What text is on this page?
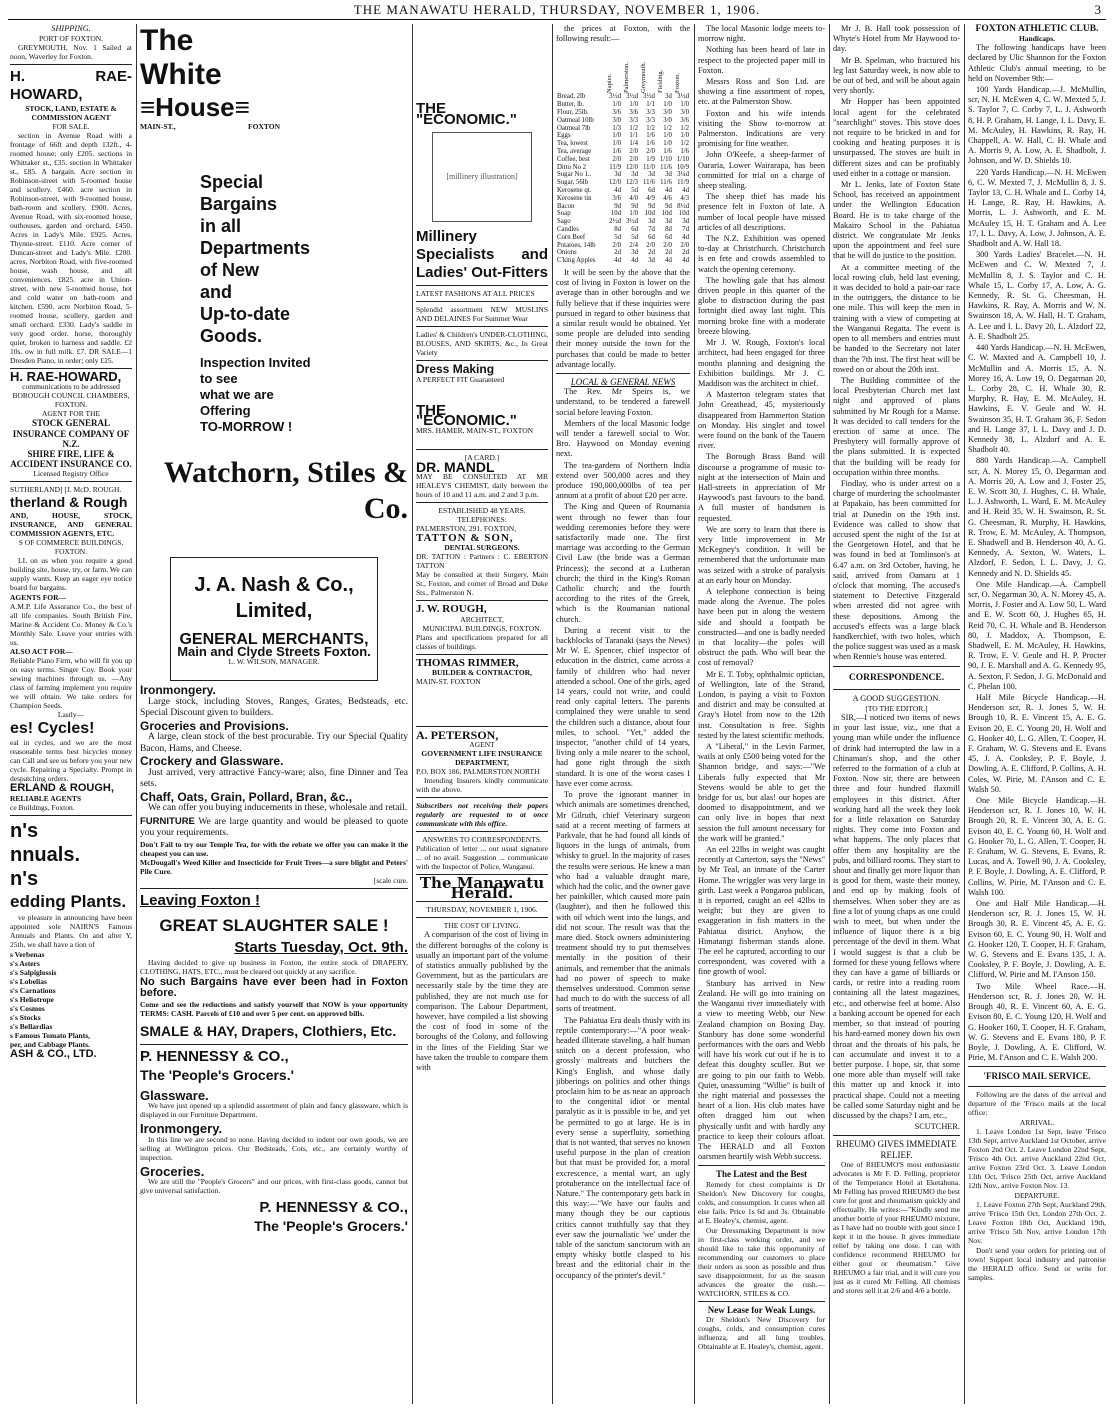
THE MANAWATU HERALD, THURSDAY, NOVEMBER 1, 1906.	3
SHIPPING.
PORT OF FOXTON.
GREYMOUTH, Nov. 1 Sailed at noon, Waverley for Foxton.
H. RAE-HOWARD,
STOCK, LAND, ESTATE & COMMISSION AGENT
FOR SALE.
section in Avenue Road with a frontage of 66ft and depth 132ft., 4-roomed house; only £205. sections in Whittaker st., £35. section in Whittaker st., £85. A bargain. Acre section in Robinson-street with 5-roomed house and scullery. £460. acre section in Robinson-street, with 9-roomed house, bath-room and scullery. £900. Acres, Avenue Road, with six-roomed house, outhouses, garden and orchard, £450. Acres in Lady's Mile. £925. Acres, Thynne-street. £110. Acre corner of Duncan-street and Lady's Mile. £200. acres, Norbiton Road, with five-roomed house, wash house, and all conveniences. £825. acre in Union-street, with new 5-roomed house, hot and cold water on bath-room and kitchen. £590. acre Norbiton Road, 5-roomed house, scullery, garden and small orchard. £330. Lady's saddle in very good order. horse, thoroughly quiet, broken to harness and saddle. £2 10s. ow in full milk. £7. DR SALE—1 Dresden Piano, in order; only £25.
H. RAE-HOWARD,
communications to be addressed BOROUGH COUNCIL CHAMBERS, FOXTON.
AGENT FOR THE
STOCK GENERAL INSURANCE COMPANY OF N.Z.
SHIRE FIRE, LIFE & ACCIDENT INSURANCE CO.
Licensed Registry Office
SUTHERLAND] [J. McD. ROUGH.
therland & Rough
AND, HOUSE, STOCK, INSURANCE, AND GENERAL COMMISSION AGENTS, ETC.
S OF COMMERCE BUILDINGS, FOXTON.
LL on us when you require a good building site, house, try, or farm. We can supply wants. Keep an eager eye notice board for bargains.
AGENTS FOR—
A.M.P. Life Assurance Co., the best of all life companies. South British Fire, Marine & Accident Co. Money & Co.'s Monthly Sale. Leave your entries with us.
ALSO ACT FOR—
Reliable Piano Firm, who will fit you up on easy terms. Singer Coy. Book your sewing machines through us. —Any class of farming implement you require we will obtain. We take orders for Champion Seeds.
Lastly—
es! Cycles!
eal in cycles, and we are the most reasonable terms best bicycles money can Call and see us before you your new cycle. Repairing a Specialty. Prompt in despatching orders.
ERLAND & ROUGH,
RELIABLE AGENTS
ce Buildings, Foxton.
n's
nnuals.
n's
edding Plants.
ve pleasure in announcing have been appointed sole NAIRN'S Famous Annuals and Plants. On and after Y, 25th, we shall have a tion of
s Verbenas
s's Asters
s's Salpiglossis
s's Lobelias
s's Carnations
s's Heliotrope
s's Cosmos
s's Stocks
s's Bellardias
s Famous Tomato Plants,
per, and Cabbage Plants.
ASH & CO., LTD.
The White
≡House≡
MAIN-ST.,	FOXTON
Special
Bargains
in all
Departments
of New
and
Up-to-date
Goods.
Inspection Invited
to see
what we are
Offering
TO-MORROW !
Watchorn, Stiles & Co.
J. A. Nash & Co., Limited,
GENERAL MERCHANTS,
Main and Clyde Streets Foxton.
L. W. WILSON, MANAGER.
Ironmongery.
Large stock, including Stoves, Ranges, Grates, Bedsteads, etc. Special Discount given to builders.
Groceries and Provisions.
A large, clean stock of the best procurable. Try our Special Quality Bacon, Hams, and Cheese.
Crockery and Glassware.
Just arrived, very attractive Fancy-ware; also, fine Dinner and Tea sets.
Chaff, Oats, Grain, Pollard, Bran, &c.,
We can offer you buying inducements in these, wholesale and retail.
FURNITURE We are large quantity and would be pleased to quote you your requirements.
Don't Fail to try our Temple Tea, for with the rebate we offer you can make it the cheapest you can use.
McDougall's Weed Killer and Insecticide for Fruit Trees—a sure blight and Peters' Pile Cure.
[scale cure.
Leaving Foxton !
GREAT SLAUGHTER SALE !
Starts Tuesday, Oct. 9th.
Having decided to give up business in Foxton, the entire stock of DRAPERY, CLOTHING, HATS, ETC., must be cleared out quickly at any sacrifice.
No such Bargains have ever been had in Foxton before.
Come and see the reductions and satisfy yourself that NOW is your opportunity TERMS: CASH. Parcels of £10 and over 5 per cent. on approved bills.
SMALE & HAY, Drapers, Clothiers, Etc.
P. HENNESSY & CO.,
The 'People's Grocers.'
Glassware.
We have just opened up a splendid assortment of plain and fancy glassware, which is displayed in our Furniture Department.
Ironmongery.
In this line we are second to none. Having decided to indent our own goods, we are selling at Wellington prices. Our Bedsteads, Cots, etc., are certainly worthy of inspection.
Groceries.
We are still the "People's Grocers" and our prices, with first-class goods, cannot but give universal satisfaction.
P. HENNESSY & CO.,
The 'People's Grocers.'
THE "ECONOMIC."
[millinery illustration]
Millinery Specialists and Ladies' Out-Fitters
LATEST FASHIONS AT ALL PRICES
Splendid assortment NEW MUSLINS AND DELAINES For Summer Wear
Ladies' & Children's UNDER-CLOTHING, BLOUSES, AND SKIRTS, &c., In Great Variety
Dress Making
A PERFECT FIT Guaranteed
THE "ECONOMIC."
MRS. HAMER, MAIN-ST., FOXTON
[A CARD.]
DR. MANDL
MAY BE CONSULTED AT MR HEALEY'S CHEMIST, daily between the hours of 10 and 11 a.m. and 2 and 3 p.m.
ESTABLISHED 48 YEARS.
TELEPHONES:
PALMERSTON, 291. FOXTON,
TATTON & SON,
DENTAL SURGEONS.
DR. TATTON : Partners : C. EBERTON TATTON
May be consulted at their Surgery, Main St., Foxton, and corner of Broad and Duke Sts., Palmerston N.
J. W. ROUGH,
ARCHITECT,
MUNICIPAL BUILDINGS, FOXTON.
Plans and specifications prepared for all classes of buildings.
THOMAS RIMMER,
BUILDER & CONTRACTOR,
MAIN-ST. FOXTON
A. PETERSON,
AGENT
GOVERNMENT LIFE INSURANCE DEPARTMENT,
P.O. BOX 186, PALMERSTON NORTH
Intending Insurers kindly communicate with the above.
Subscribers not receiving their papers regularly are requested to at once communicate with this office.
ANSWERS TO CORRESPONDENTS.
Publication of letter ... our usual signature ... of no avail. Suggestion ... communicate with the Inspector of Police, Wanganui.
The Manawatu Herald.
THURSDAY, NOVEMBER 1, 1906.
THE COST OF LIVING.
A comparison of the cost of living in the different boroughs of the colony is usually an important part of the volume of statistics annually published by the Government, but as the particulars are necessarily stale by the time they are published, they are not much use for comparison. The Labour Department, however, have compiled a list showing the cost of food in some of the boroughs of the Colony, and following in the lines of the Fielding Star we have taken the trouble to compare them with
the prices at Foxton, with the following result:—

	Napier.	Palmerston.	Greymouth.	Fielding.	Foxton.

Bread, 2lb	3½d	3½d	3½d	3d	3½d
Butter, lb.	1/0	1/0	1/1	1/0	1/0
Flour, 25lb.	3/6	3/6	3/3	3/0	3/0
Oatmeal 10lb	3/0	3/3	3/3	3/0	3/6
Oatmeal 7lb	1/3	1/2	1/2	1/2	1/2
Eggs	1/0	1/1	1/6	1/0	1/0
Tea, lowest	1/0	1/4	1/6	1/0	1/2
Tea, average	1/6	2/0	2/0	1/6	1/6
Coffee, best	2/0	2/0	1/9	1/10	1/10
Ditto No 2	11/9	12/0	11/0	11/6	10/9
Sugar No 1..	3d	3d	3d	3d	3¼d
Sugar, 56lb	12/0	12/3	11/6	11/6	11/9
Kerosene qt.	4d	5d	6d	4d	4d
Kerosene tin	3/6	4/0	4/9	4/6	4/3
Bacon	9d	9d	9d	9d	8½d
Soap	10d	1/0	10d	10d	10d
Sago	2½d	3½d	3d	3d	3d
Candles	8d	6d	7d	8d	7d
Corn Beef	5d	5d	6d	6d	4d
Potatoes, 14lb	2/0	2/4	2/0	2/0	2/0
Onions	2d	3d	2d	2d	2d
C'king Apples	4d	4d	3d	4d	4d
It will be seen by the above that the cost of living in Foxton is lower on the average than in other boroughs and we fully believe that if these inquiries were pursued in regard to other business that a similar result would be obtained. Yet some people are deluded into sending their money outside the town for the purchases that could be made to better advantage locally.
LOCAL & GENERAL NEWS
The Rev. Mr Speirs is, we understand, to be tendered a farewell social before leaving Foxton.
Members of the local Masonic lodge will tender a farewell social to Wor. Bro. Haywood on Monday evening next.
The tea-gardens of Northern India extend over 500,000 acres and they produce 190,000,000lbs of tea per annum at a profit of about £20 per acre.
The King and Queen of Roumania went through no fewer than four wedding ceremonies before they were satisfactorily made one. The first marriage was according to the German Civil Law (the bride was a German Princess); the second at a Lutheran church; the third in the King's Roman Catholic church; and the fourth according to the rites of the Greek, which is the Roumanian national church.
During a recent visit to the backblocks of Taranaki (says the News) Mr W. E. Spencer, chief inspector of education in the district, came across a family of children who had never attended a school. One of the girls, aged 14 years, could not write, and could read only capital letters. The parents complained they were unable to send the children such a distance, about four miles, to school. "Yet," added the inspector, "another child of 14 years, living only a mile nearer to the school, had gone right through the sixth standard. It is one of the worst cases I have ever come across.
To prove the ignorant manner in which animals are sometimes drenched, Mr Gilruth, chief Veterinary surgeon said at a recent meeting of farmers at Parkvale, that he had found all kinds of liquors in the lungs of animals, from whisky to gruel. In the majority of cases the results were serious. He knew a man who had a valuable draught mare, which had the colic, and the owner gave her painkiller, which caused more pain (laughter), and then he followed this with oil which went into the lungs, and did not scour. The result was that the mare died. Stock owners administering treatment should try to put themselves mentally in the position of their animals, and remember that the animals had no power of speech to make themselves understood. Common sense had much to do with the success of all sorts of treatment.
The Pahiatua Era deals thusly with its reptile contemporary:—"A poor weak-headed illiterate staveling, a half human snitch on a decent profession, who grossly maltreats and butchers the King's English, and whose daily jibberings on politics and other things proclaim him to be as near an approach to the congenital idiot or mental paralytic as it is possible to be, and yet be permitted to go at large. He is in every sense a superfluity, something that is not wanted, that serves no known useful purpose in the plan of creation but that must be provided for, a moral excrescence, a mental wart, an ugly protuberance on the intellectual face of Nature." The contemporary gets back in this way:—"We have our faults and many though they be our captious critics cannot truthfully say that they ever saw the journalistic 'we' under the table of the sanctum sanctorum with an empty whisky bottle clasped to his breast and the editorial chair in the occupancy of the printer's devil."
The local Masonic lodge meets to-morrow night.
Nothing has been heard of late in respect to the projected paper mill in Foxton.
Messrs Ross and Son Ltd. are showing a fine assortment of ropes, etc. at the Palmerston Show.
Foxton and his wife intends visiting the Show to-morrow at Palmerston. Indications are very promising for fine weather.
John O'Keefe, a sheep-farmer of Oararia, Lower Wairarapa, has been committed for trial on a charge of sheep stealing.
The sheep thief has made his presence felt in Foxton of late. A number of local people have missed articles of all descriptions.
The N.Z. Exhibition was opened to-day at Christchurch. Christchurch is en fete and crowds assembled to watch the opening ceremony.
The howling gale that has almost driven people in this quarter of the globe to distraction during the past fortnight died away last night. This morning broke fine with a moderate breeze blowing.
Mr J. W. Rough, Foxton's local architect, had been engaged for three months planning and designing the Exhibition buildings. Mr J. C. Maddison was the architect in chief.
A Masterton telegram states that John Greathead, 45, mysteriously disappeared from Hammerton Station on Monday. His singlet and towel were found on the bank of the Tauern river.
The Borough Brass Band will discourse a programme of music to-night at the intersection of Main and Hall-streets in appreciation of Mr Haywood's past favours to the band. A full muster of bandsmen is requested.
We are sorry to learn that there is very little improvement in Mr McKegney's condition. It will be remembered that the unfortunate man was seized with a stroke of paralysis at an early hour on Monday.
A telephone connection is being made along the Avenue. The poles have been put in along the western side and should a footpath be constructed—and one is badly needed in that locality—the poles will obstruct the path. Who will bear the cost of removal?
Mr E. T. Toby, ophthalmic optician, of Wellington, late of the Strand, London, is paying a visit to Foxton and district and may be consulted at Gray's Hotel from now to the 12th inst. Consultation is free. Sights tested by the latest scientific methods.
A "Liberal," in the Levin Farmer, wails at only £500 being voted for the Shannon bridge, and says:—"We Liberals fully expected that Mr Stevens would be able to get the bridge for us, but alas! our hopes are doomed to disappointment, and we can only live in hopes that next session the full amount necessary for the work will be granted."
An eel 22lbs in weight was caught recently at Carterton, says the "News" by Mr Teal, an inmate of the Carter Home. The wriggler was very large in girth. Last week a Pongaroa publican, it is reported, caught an eel 42lbs in weight; but they are given to exaggeration in fish matters in the Pahiatua district. Anyhow, the Himatangi fisherman stands alone. The eel he captured, according to our correspondent, was covered with a fine growth of wool.
Stanbury has arrived in New Zealand. He will go into training on the Wanganui river immediately with a view to meeting Webb, our New Zealand champion on Boxing Day. Stanbury has done some wonderful performances with the oars and Webb will have his work cut out if he is to defeat this doughty sculler. But we are going to pin our faith to Webb. Quiet, unassuming "Willie" is built of the right material and possesses the heart of a lion. His club mates have often dragged him out when physically unfit and with hardly any practice to keep their colours afloat. The HERALD and all Foxton oarsmen heartily wish Webb success.
The Latest and the Best
Remedy for chest complaints is Dr Sheldon's New Discovery for coughs, colds, and consumption. It cures when all else fails. Price 1s 6d and 3s. Obtainable at E. Healey's, chemist, agent.
Our Dressmaking Department is now in first-class working order, and we should like to take this opportunity of recommending our customers to place their orders as soon as possible and thus save disappointment, for as the season advances the greater the rush.—WATCHORN, STILES & CO.
New Lease for Weak Lungs.
Dr Sheldon's New Discovery for coughs, colds, and consumption cures influenza, and all lung troubles. Obtainable at E. Healey's, chemist, agent.
Mr J. B. Hall took possession of Whyte's Hotel from Mr Haywood to-day.
Mr B. Spelman, who fractured his leg last Saturday week, is now able to be out of bed, and will be about again very shortly.
Mr Hopper has been appointed local agent for the celebrated "searchlight" stoves. This stove does not require to be bricked in and for cooking and heating purposes it is unsurpassed. The stoves are built in different sizes and can be profitably used either in a cottage or mansion.
Mr L. Jenks, late of Foxton State School, has received an appointment under the Wellington Education Board. He is to take charge of the Makairo School in the Pahiatua district. We congratulate Mr Jenks upon the appointment and feel sure that he will do justice to the position.
At a committee meeting of the local rowing club, held last evening, it was decided to hold a pair-oar race in the outriggers, the distance to be one mile. This will keep the men in training with a view of competing at the Wanganui Regatta. The event is open to all members and entries must be handed to the Secretary not later than the 7th inst. The first heat will be rowed on or about the 20th inst.
The Building committee of the local Presbyterian Church met last night and approved of plans submitted by Mr Rough for a Manse. It was decided to call tenders for the erection of same at once. The Presbytery will formally approve of the plans submitted. It is expected that the building will be ready for occupation within three months.
Findlay, who is under arrest on a charge of murdering the schoolmaster at Papakaio, has been committed for trial at Dunedin on the 19th inst. Evidence was called to show that accused spent the night of the 1st at the Georgetown Hotel, and that he was found in bed at Tomlinson's at 6.47 a.m. on 3rd October, having, he said, arrived from Oamaru at 1 o'clock that morning. The accused's statement to Detective Fitzgerald when arrested did not agree with these depositions. Among the accused's effects was a large black handkerchief, with two holes, which the police suggest was used as a mask when Rennie's house was entered.
CORRESPONDENCE.
A GOOD SUGGESTION.
[TO THE EDITOR.]
SIR,—I noticed two items of news in your last issue, viz., one that a young man while under the influence of drink had interrupted the law in a Chinaman's shop, and the other referred to the formation of a club at Foxton. Now sir, there are between three and four hundred flaxmill employees in this district. After working hard all the week they look for a little relaxation on Saturday nights. They come into Foxton and what happens. The only places that offer them any hospitality are the pubs, and billiard rooms. They start to shout and finally get more liquor than is good for them, waste their money, and end up by making fools of themselves. When sober they are as fine a lot of young chaps as one could wish to meet, but when under the influence of liquor there is a big percentage of the devil in them. What I would suggest is that a club be formed for these young fellows where they can have a game of billiards or cards, or retire into a reading room containing all the latest magazines, etc., and otherwise feel at home. Also a banking account be opened for each member, so that instead of pouring his hard-earned money down his own throat and the throats of his pals, he can accumulate and invest it to a better purpose. I hope, sir, that some one more able than myself will take this matter up and knock it into practical shape. Could not a meeting be called some Saturday night and be discussed by the chaps? I am, etc.,
SCUTCHER.
RHEUMO GIVES IMMEDIATE RELIEF.
One of RHEUMO'S most enthusiastic advocates is Mr F. D. Felling, proprietor of the Temperance Hotel at Eketahuna. Mr Felling has proved RHEUMO the best cure for gout and rheumatism quickly and effectually. He writes:—"Kindly send me another bottle of your RHEUMO mixture, as I have had no trouble with gout since I kept it in the house. It gives immediate relief by taking one dose. I can with confidence recommend RHEUMO for either gout or rheumatism." Give RHEUMO a fair trial, and it will cure you just as it cured Mr Felling. All chemists and stores sell it at 2/6 and 4/6 a bottle.
FOXTON ATHLETIC CLUB.
Handicaps.
The following handicaps have been declared by Ulic Shannon for the Foxton Athletic Club's annual meeting, to be held on November 9th:—
100 Yards Handicap.—J. McMullin, scr, N. H. McEwen 4, C. W. Mexted 5, J. S. Taylor 7, C. Corby 7, L. J. Ashworth 8, H. P. Graham, H. Lange, I. L. Davy, E. M. McAuley, H. Hawkins, R. Ray, H. Chappell, A. W. Hall, C. H. Whale and A. Morris 9, A. Low, A. E. Shadbolt, J. Johnson, and W. D. Shields 10.
220 Yards Handicap.—N. H. McEwen 6, C. W. Mexted 7, J. McMullin 8, J. S. Taylor 13, C. H. Whale and L. Corby 14, H. Lange, R. Ray, H. Hawkins, A. Morris, L. J. Ashworth, and E. M. McAuley 15, H. T. Graham and A. Lee 17, I. L. Davy, A. Low, J. Johnson, A. E. Shadbolt and A. W. Hall 18.
300 Yards Ladies' Bracelet.—N. H. McEwen and C. W. Mexted 7, J. McMullin 8, J. S. Taylor and C. H. Whale 15, L. Corby 17, A. Low, A. G. Kennedy, R. St. G. Cheesman, H. Hawkins, R. Ray, A. Morris and W. N. Swainson 18, A. W. Hall, H. T. Graham, A. Lee and I. L. Davy 20, L. Alzdorf 22, A. E. Shadbolt 25.
440 Yards Handicap.—N. H. McEwen, C. W. Maxted and A. Campbell 10, J. McMullin and A. Morris 15, A. N. Morey 16, A. Low 19, O. Degarman 20, L. Corby 28, C. H. Whale 30, R. Murphy, R. Hay, E. M. McAuley, H. Hawkins, E. V. Geule and W. H. Swainson 35, H. T. Graham 36, F. Sedon and H. Lange 37, I. L. Davy and J. D. Kennedy 38, L. Alzdorf and A. E. Shadbolt 40.
880 Yards Handicap.—A. Campbell scr, A. N. Morey 15, O. Degarman and A. Morris 20, A. Low and J. Foster 25, E. W. Scott 30, J. Hughes, C. H. Whale, L. J. Ashworth, L. Ward, E. M. McAuley and H. Reid 35, W. H. Swainson, R. St. G. Cheesman, R. Murphy, H. Hawkins, R. Trow, E. M. McAuley, A. Thompson, E. Shadwell and B. Henderson 40, A. G. Kennedy, A. Sexton, W. Waters, L. Alzdorf, F. Sedon, I. L. Davy, J. G. Kennedy and N. D. Shields 45.
One Mile Handicap.—A. Campbell scr, O. Negarman 30, A. N. Morey 45, A. Morris, J. Foster and A. Low 50, L. Ward and E. W. Scott 60, J. Hughes 65, H. Reid 70, C. H. Whale and B. Henderson 80, J. Maddox, A. Thompson, E. Shadwell, E. M. McAuley, H. Hawkins, R. Trow, E. V. Geule and H. P. Procter 90, J. E. Marshall and A. G. Kennedy 95, A. Sexton, F. Sedon, J. G. McDonald and C. Phelan 100.
Half Mile Bicycle Handicap.—H. Henderson scr, R. J. Jones 5, W. H. Brough 10, R. E. Vincent 15, A. E. G. Evison 20, E. C. Young 20, H. Wolf and G. Hooker 40, L. G. Allen, T. Cooper, H. F. Graham, W. G. Stevens and E. Evans 45, J. A. Cooksley, P. F. Boyle, J. Dowling, A. E. Clifford, P. Collins, A. H. Coles, W. Pirie, M. I'Anson and C. E. Walsh 50.
One Mile Bicycle Handicap.—H. Henderson scr, R. J. Jones 10, W. H. Brough 20, R. E. Vincent 30, A. E. G. Evison 40, E. C. Young 60, H. Wolf and G. Hooker 70, L. G. Allen, T. Cooper, H. F. Graham, W. G. Stevens, E. Evans, R. Lucas, and A. Towell 90, J. A. Cooksley, P. F. Boyle, J. Dowling, A. E. Clifford, P. Collins, W. Pirie, M. I'Anson and C. E. Walsh 100.
One and Half Mile Handicap.—H. Henderson scr, R. J. Jones 15, W. H. Brough 30, R. E. Vincent 45, A. E. G. Evison 60, E. C. Young 90, H. Wolf and G. Hooker 120, T. Cooper, H. F. Graham, W. G. Stevens and E. Evans 135, J. A. Cooksley, P. F. Boyle, J. Dowling, A. E. Clifford, W. Pirie and M. I'Anson 150.
Two Mile Wheel Race.—H. Henderson scr, R. J. Jones 20, W. H. Brough 40, R. E. Vincent 60, A. E. G. Evison 80, E. C. Young 120, H. Wolf and G. Hooker 160, T. Cooper, H. F. Graham, W. G. Stevens and E. Evans 180, P. F. Boyle, J. Dowling, A. E. Clifford, W. Pirie, M. I'Anson and C. E. Walsh 200.
'FRISCO MAIL SERVICE.
Following are the dates of the arrival and departure of the 'Frisco mails at the local office:
ARRIVAL.
1. Leave London 1st Sept, leave 'Frisco 13th Sept, arrive Auckland 1st October, arrive Foxton 2nd Oct. 2. Leave London 22nd Sept, 'Frisco 4th Oct. arrive Auckland 22nd Oct, arrive Foxton 23rd Oct. 3. Leave London 13th Oct, 'Frisco 25th Oct, arrive Auckland 12th Nov., arrive Foxton Nov. 13.
DEPARTURE.
1. Leave Foxton 27th Sept, Auckland 29th, arrive 'Frisco 15th Oct, London 27th Oct. 2. Leave Foxton 18th Oct, Auckland 19th, arrive 'Frisco 5th Nov, arrive London 17th Nov.
Don't send your orders for printing out of town! Support local industry and patronise the HERALD office. Send or write for samples.
